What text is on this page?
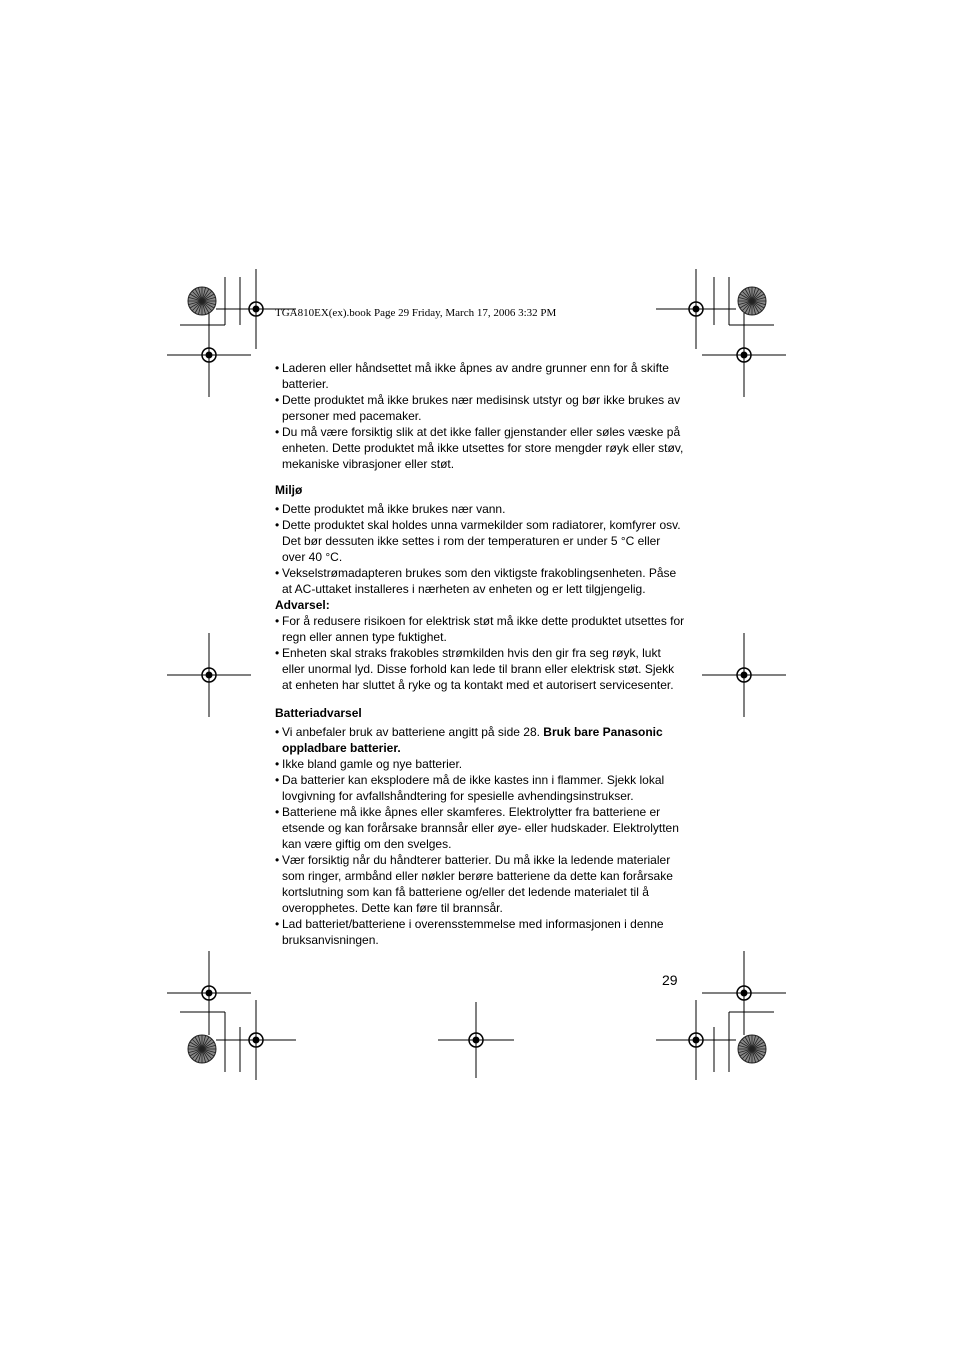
TGA810EX(ex).book Page 29 Friday, March 17, 2006 3:32 PM
• Laderen eller håndsettet må ikke åpnes av andre grunner enn for å skifte batterier.
• Dette produktet må ikke brukes nær medisinsk utstyr og bør ikke brukes av personer med pacemaker.
• Du må være forsiktig slik at det ikke faller gjenstander eller søles væske på enheten. Dette produktet må ikke utsettes for store mengder røyk eller støv, mekaniske vibrasjoner eller støt.
Miljø
• Dette produktet må ikke brukes nær vann.
• Dette produktet skal holdes unna varmekilder som radiatorer, komfyrer osv. Det bør dessuten ikke settes i rom der temperaturen er under 5 °C eller over 40 °C.
• Vekselstrømadapteren brukes som den viktigste frakoblingsenheten. Påse at AC-uttaket installeres i nærheten av enheten og er lett tilgjengelig.
Advarsel:
• For å redusere risikoen for elektrisk støt må ikke dette produktet utsettes for regn eller annen type fuktighet.
• Enheten skal straks frakobles strømkilden hvis den gir fra seg røyk, lukt eller unormal lyd. Disse forhold kan lede til brann eller elektrisk støt. Sjekk at enheten har sluttet å ryke og ta kontakt med et autorisert servicesenter.
Batteriadvarsel
• Vi anbefaler bruk av batteriene angitt på side 28. Bruk bare Panasonic oppladbare batterier.
• Ikke bland gamle og nye batterier.
• Da batterier kan eksplodere må de ikke kastes inn i flammer. Sjekk lokal lovgivning for avfallshåndtering for spesielle avhendingsinstrukser.
• Batteriene må ikke åpnes eller skamferes. Elektrolytter fra batteriene er etsende og kan forårsake brannsår eller øye- eller hudskader. Elektrolytten kan være giftig om den svelges.
• Vær forsiktig når du håndterer batterier. Du må ikke la ledende materialer som ringer, armbånd eller nøkler berøre batteriene da dette kan forårsake kortslutning som kan få batteriene og/eller det ledende materialet til å overopphetes. Dette kan føre til brannsår.
• Lad batteriet/batteriene i overensstemmelse med informasjonen i denne bruksanvisningen.
29
